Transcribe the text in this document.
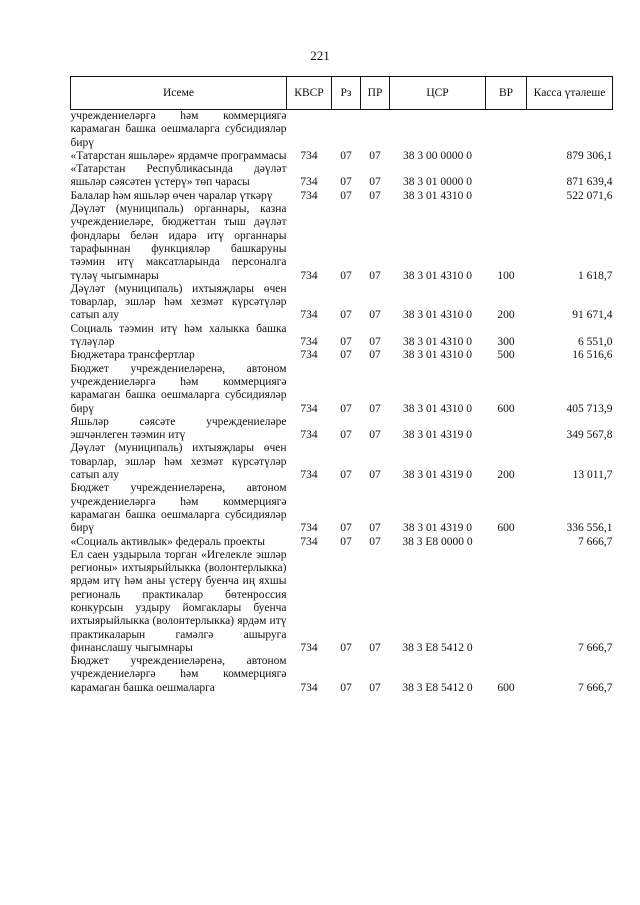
221
Исеме	КВСР	Рз	ПР	ЦСР	ВР	Касса үтәлеше
учреждениеләргә һәм коммерциягә карамаган башка оешмаларга субсидияләр бирү						
«Татарстан яшьләре» ярдәмче программасы	734	07	07	38 3 00 0000 0		879 306,1
«Татарстан Республикасында дәүләт яшьләр сәясәтен үстерү» төп чарасы	734	07	07	38 3 01 0000 0		871 639,4
Балалар һәм яшьләр өчен чаралар үткәрү	734	07	07	38 3 01 4310 0		522 071,6
Дәүләт (муниципаль) органнары, казна учреждениеләре, бюджеттан тыш дәүләт фондлары белән идарә итү органнары тарафыннан функцияләр башкаруны тәэмин итү максатларында персоналга түләү чыгымнары	734	07	07	38 3 01 4310 0	100	1 618,7
Дәүләт (муниципаль) ихтыяҗлары өчен товарлар, эшләр һәм хезмәт күрсәтүләр сатып алу	734	07	07	38 3 01 4310 0	200	91 671,4
Социаль тәэмин итү һәм халыкка башка түләүләр	734	07	07	38 3 01 4310 0	300	6 551,0
Бюджетара трансфертлар	734	07	07	38 3 01 4310 0	500	16 516,6
Бюджет учреждениеләренә, автоном учреждениеләргә һәм коммерциягә карамаган башка оешмаларга субсидияләр бирү	734	07	07	38 3 01 4310 0	600	405 713,9
Яшьләр сәясәте учреждениеләре эшчәнлеген тәэмин итү	734	07	07	38 3 01 4319 0		349 567,8
Дәүләт (муниципаль) ихтыяҗлары өчен товарлар, эшләр һәм хезмәт күрсәтүләр сатып алу	734	07	07	38 3 01 4319 0	200	13 011,7
Бюджет учреждениеләренә, автоном учреждениеләргә һәм коммерциягә карамаган башка оешмаларга субсидияләр бирү	734	07	07	38 3 01 4319 0	600	336 556,1
«Социаль активлык» федераль проекты	734	07	07	38 3 E8 0000 0		7 666,7
Ел саен уздырыла торган «Игелекле эшләр регионы» ихтыярыйлыкка (волонтерлыкка) ярдәм итү һәм аны үстерү буенча иң яхшы региональ практикалар бөтенроссия конкурсын уздыру йомгаклары буенча ихтыярыйлыкка (волонтерлыкка) ярдәм итү практикаларын гамәлгә ашыруга финанслашу чыгымнары	734	07	07	38 3 E8 5412 0		7 666,7
Бюджет учреждениеләренә, автоном учреждениеләргә һәм коммерциягә карамаган башка оешмаларга	734	07	07	38 3 E8 5412 0	600	7 666,7
